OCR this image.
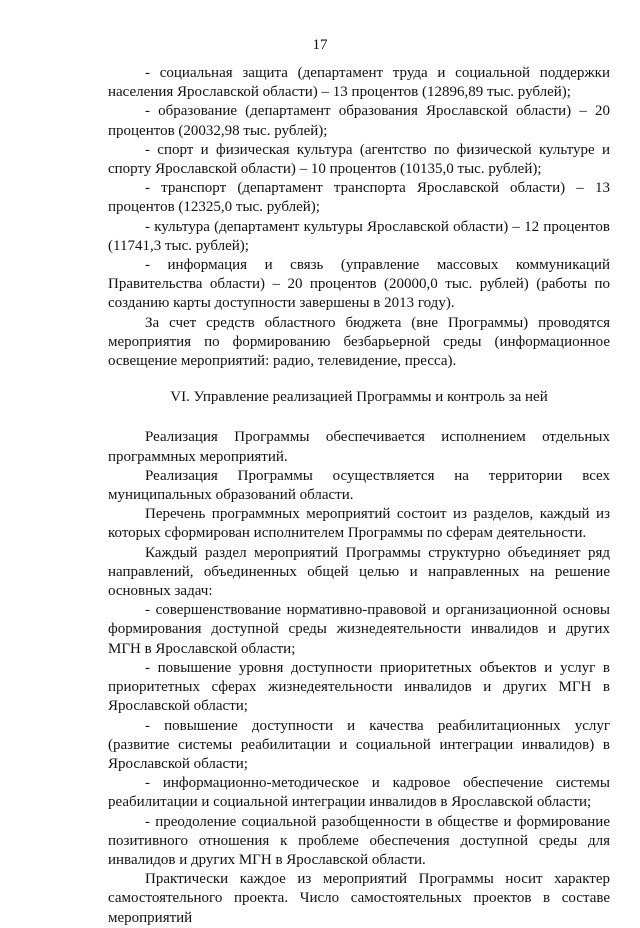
17

- социальная защита (департамент труда и социальной поддержки населения Ярославской области) – 13 процентов (12896,89 тыс. рублей);

- образование (департамент образования Ярославской области) – 20 процентов (20032,98 тыс. рублей);

- спорт и физическая культура (агентство по физической культуре и спорту Ярославской области) – 10 процентов (10135,0 тыс. рублей);

- транспорт (департамент транспорта Ярославской области) – 13 процентов (12325,0 тыс. рублей);

- культура (департамент культуры Ярославской области) – 12 процентов (11741,3 тыс. рублей);

- информация и связь (управление массовых коммуникаций Правительства области) – 20 процентов (20000,0 тыс. рублей) (работы по созданию карты доступности завершены в 2013 году).

За счет средств областного бюджета (вне Программы) проводятся мероприятия по формированию безбарьерной среды (информационное освещение мероприятий: радио, телевидение, пресса).

VI. Управление реализацией Программы и контроль за ней

Реализация Программы обеспечивается исполнением отдельных программных мероприятий.

Реализация Программы осуществляется на территории всех муниципальных образований области.

Перечень программных мероприятий состоит из разделов, каждый из которых сформирован исполнителем Программы по сферам деятельности.

Каждый раздел мероприятий Программы структурно объединяет ряд направлений, объединенных общей целью и направленных на решение основных задач:

- совершенствование нормативно-правовой и организационной основы формирования доступной среды жизнедеятельности инвалидов и других МГН в Ярославской области;

- повышение уровня доступности приоритетных объектов и услуг в приоритетных сферах жизнедеятельности инвалидов и других МГН в Ярославской области;

- повышение доступности и качества реабилитационных услуг (развитие системы реабилитации и социальной интеграции инвалидов) в Ярославской области;

- информационно-методическое и кадровое обеспечение системы реабилитации и социальной интеграции инвалидов в Ярославской области;

- преодоление социальной разобщенности в обществе и формирование позитивного отношения к проблеме обеспечения доступной среды для инвалидов и других МГН в Ярославской области.

Практически каждое из мероприятий Программы носит характер самостоятельного проекта. Число самостоятельных проектов в составе мероприятий
